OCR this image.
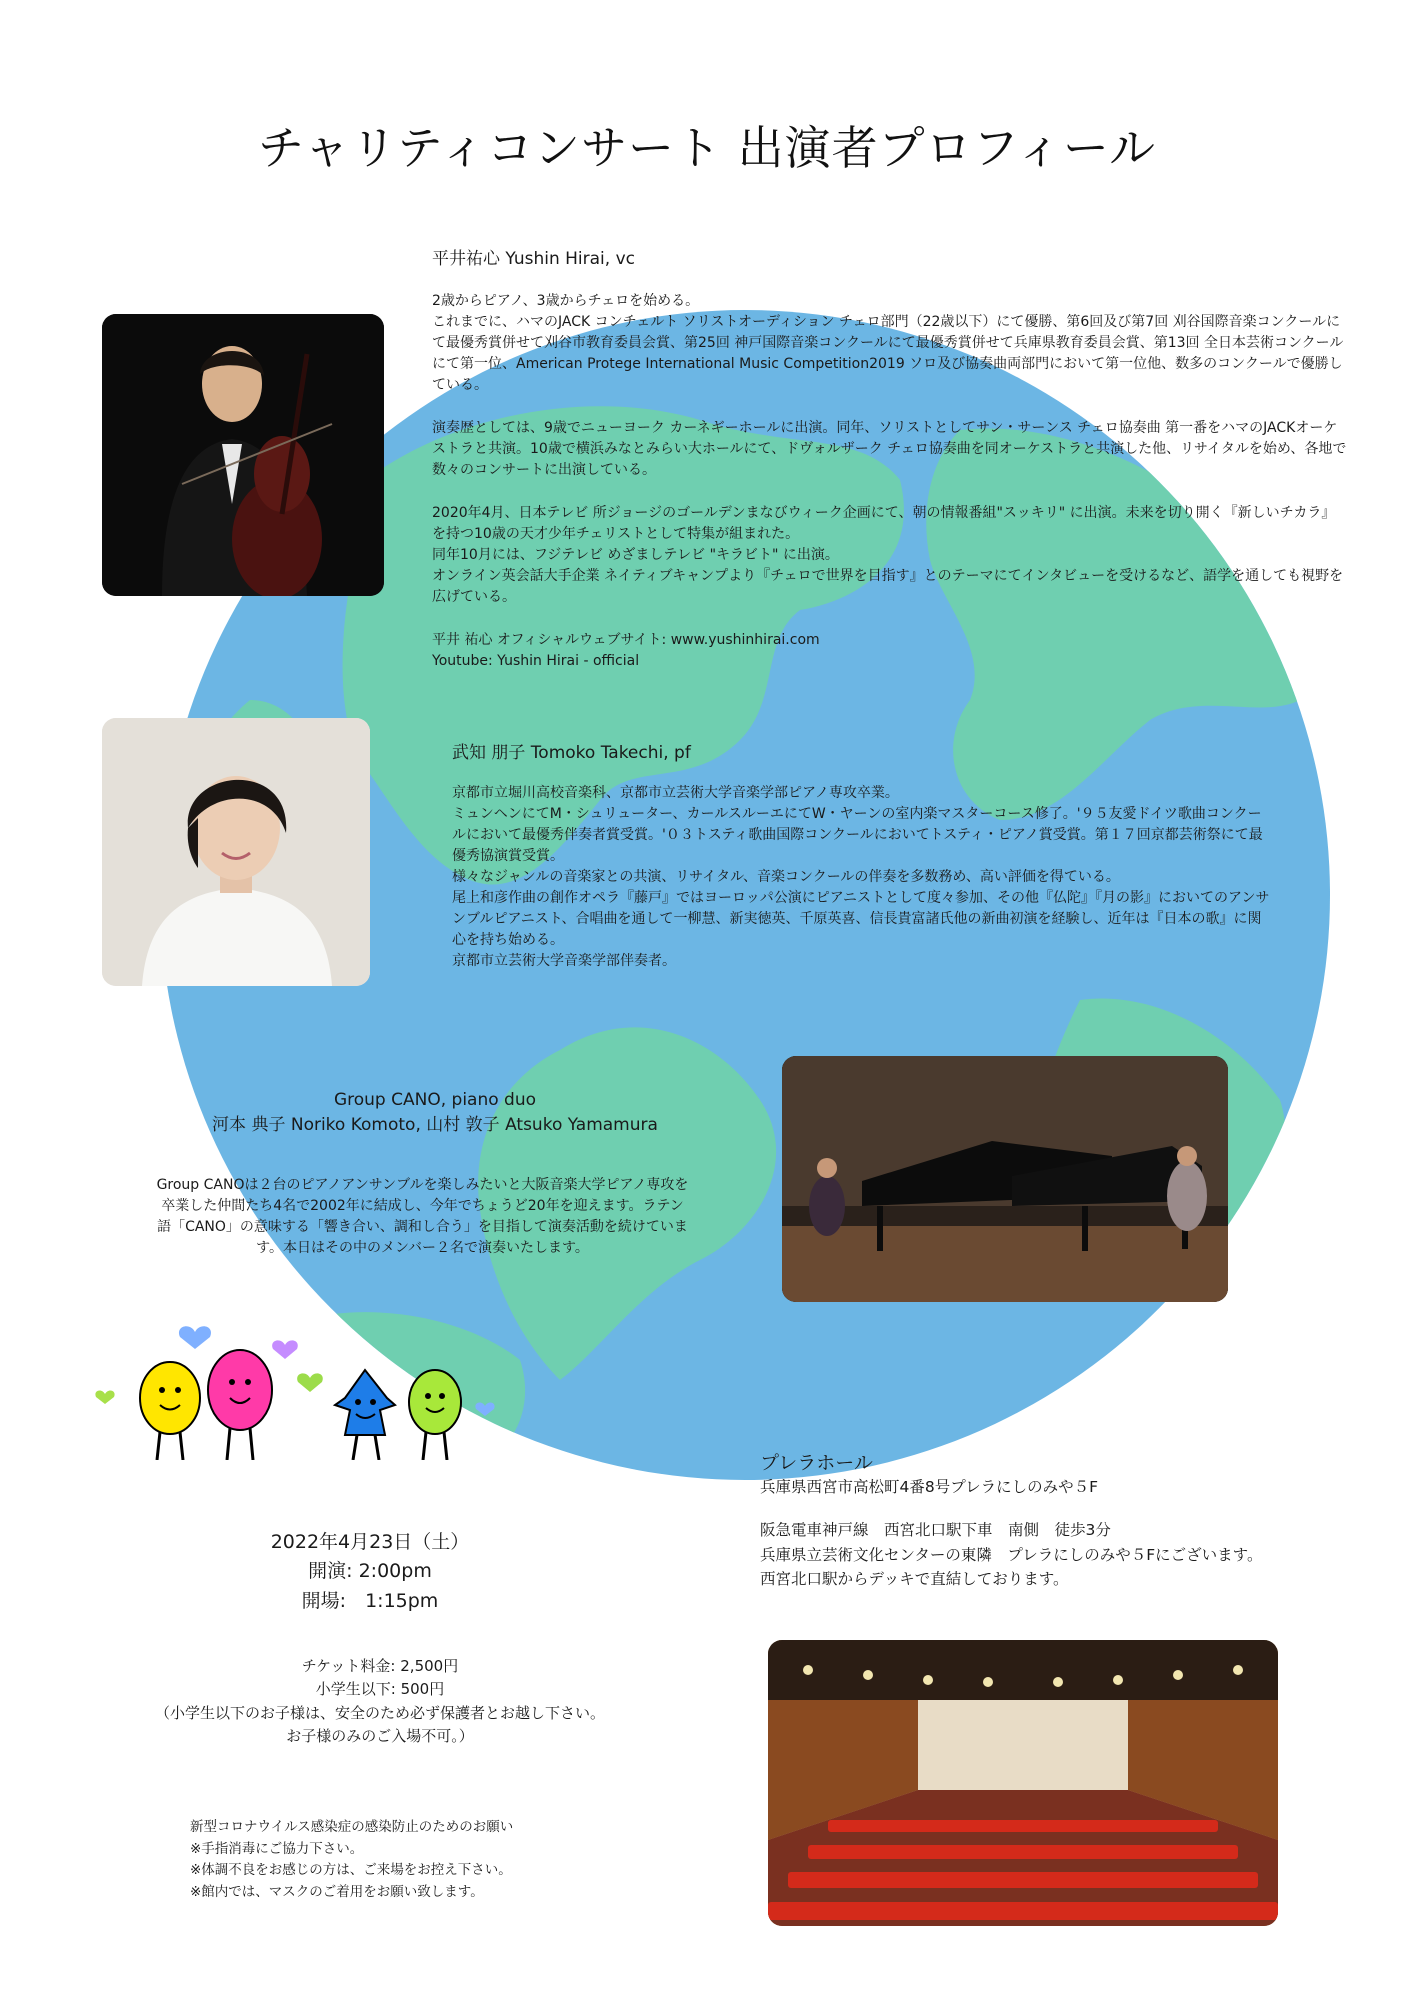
チャリティコンサート 出演者プロフィール
平井祐心 Yushin Hirai, vc

2歳からピアノ、3歳からチェロを始める。

これまでに、ハマのJACK コンチェルト ソリストオーディション チェロ部門（22歳以下）にて優勝、第6回及び第7回 刈谷国際音楽コンクールにて最優秀賞併せて刈谷市教育委員会賞、第25回 神戸国際音楽コンクールにて最優秀賞併せて兵庫県教育委員会賞、第13回 全日本芸術コンクールにて第一位、American Protege International Music Competition2019 ソロ及び協奏曲両部門において第一位他、数多のコンクールで優勝している。

演奏歴としては、9歳でニューヨーク カーネギーホールに出演。同年、ソリストとしてサン・サーンス チェロ協奏曲 第一番をハマのJACKオーケストラと共演。10歳で横浜みなとみらい大ホールにて、ドヴォルザーク チェロ協奏曲を同オーケストラと共演した他、リサイタルを始め、各地で数々のコンサートに出演している。

2020年4月、日本テレビ 所ジョージのゴールデンまなびウィーク企画にて、朝の情報番組"スッキリ" に出演。未来を切り開く『新しいチカラ』を持つ10歳の天才少年チェリストとして特集が組まれた。

同年10月には、フジテレビ めざましテレビ "キラビト" に出演。

オンライン英会話大手企業 ネイティブキャンプより『チェロで世界を目指す』とのテーマにてインタビューを受けるなど、語学を通しても視野を広げている。

平井 祐心 オフィシャルウェブサイト: www.yushinhirai.com

Youtube: Yushin Hirai - official

武知 朋子 Tomoko Takechi, pf

京都市立堀川高校音楽科、京都市立芸術大学音楽学部ピアノ専攻卒業。
ミュンヘンにてM・シュリューター、カールスルーエにてW・ヤーンの室内楽マスターコース修了。'９５友愛ドイツ歌曲コンクールにおいて最優秀伴奏者賞受賞。'０３トスティ歌曲国際コンクールにおいてトスティ・ピアノ賞受賞。第１７回京都芸術祭にて最優秀協演賞受賞。
様々なジャンルの音楽家との共演、リサイタル、音楽コンクールの伴奏を多数務め、高い評価を得ている。
尾上和彦作曲の創作オペラ『藤戸』ではヨーロッパ公演にピアニストとして度々参加、その他『仏陀』『月の影』においてのアンサンブルピアニスト、合唱曲を通して一柳慧、新実徳英、千原英喜、信長貴富諸氏他の新曲初演を経験し、近年は『日本の歌』に関心を持ち始める。
京都市立芸術大学音楽学部伴奏者。

Group CANO, piano duo
河本 典子 Noriko Komoto, 山村 敦子 Atsuko Yamamura

Group CANOは２台のピアノアンサンブルを楽しみたいと大阪音楽大学ピアノ専攻を卒業した仲間たち4名で2002年に結成し、今年でちょうど20年を迎えます。ラテン語「CANO」の意味する「響き合い、調和し合う」を目指して演奏活動を続けています。本日はその中のメンバー２名で演奏いたします。

2022年4月23日（土）
開演: 2:00pm
開場:　1:15pm
チケット料金: 2,500円
小学生以下: 500円
（小学生以下のお子様は、安全のため必ず保護者とお越し下さい。
お子様のみのご入場不可。）
新型コロナウイルス感染症の感染防止のためのお願い
※手指消毒にご協力下さい。
※体調不良をお感じの方は、ご来場をお控え下さい。
※館内では、マスクのご着用をお願い致します。
プレラホール
兵庫県西宮市高松町4番8号プレラにしのみや５F
阪急電車神戸線　西宮北口駅下車　南側　徒歩3分
兵庫県立芸術文化センターの東隣　プレラにしのみや５Fにございます。
西宮北口駅からデッキで直結しております。
